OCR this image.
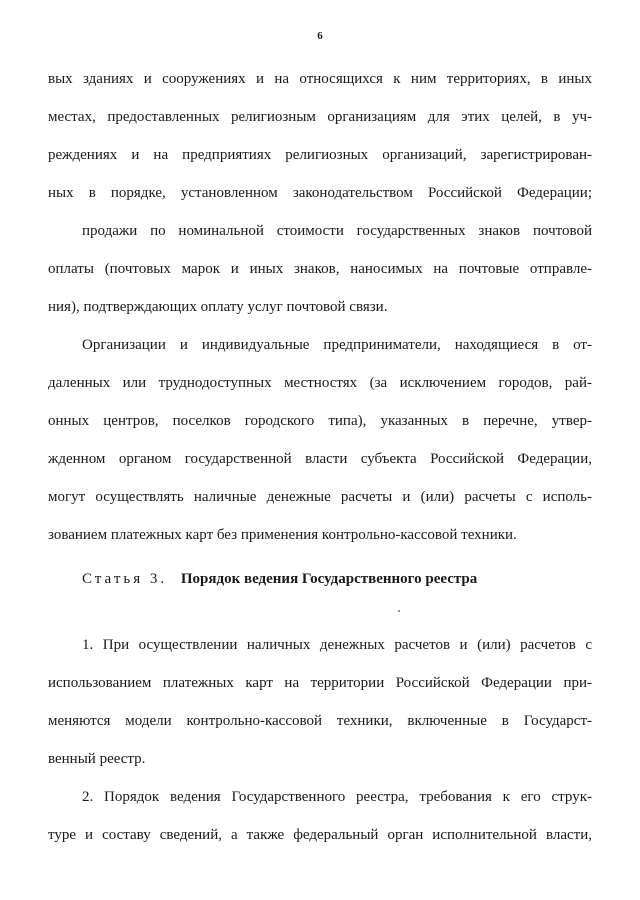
6
вых зданиях и сооружениях и на относящихся к ним территориях, в иных
местах, предоставленных религиозным организациям для этих целей, в уч-
реждениях и на предприятиях религиозных организаций, зарегистрирован-
ных в порядке, установленном законодательством Российской Федерации;
продажи по номинальной стоимости государственных знаков почтовой
оплаты (почтовых марок и иных знаков, наносимых на почтовые отправле-
ния), подтверждающих оплату услуг почтовой связи.
Организации и индивидуальные предприниматели, находящиеся в от-
даленных или труднодоступных местностях (за исключением городов, рай-
онных центров, поселков городского типа), указанных в перечне, утвер-
жденном органом государственной власти субъекта Российской Федерации,
могут осуществлять наличные денежные расчеты и (или) расчеты с исполь-
зованием платежных карт без применения контрольно-кассовой техники.
Статья 3. Порядок ведения Государственного реестра
1. При осуществлении наличных денежных расчетов и (или) расчетов с
использованием платежных карт на территории Российской Федерации при-
меняются модели контрольно-кассовой техники, включенные в Государст-
венный реестр.
2. Порядок ведения Государственного реестра, требования к его струк-
туре и составу сведений, а также федеральный орган исполнительной власти,
